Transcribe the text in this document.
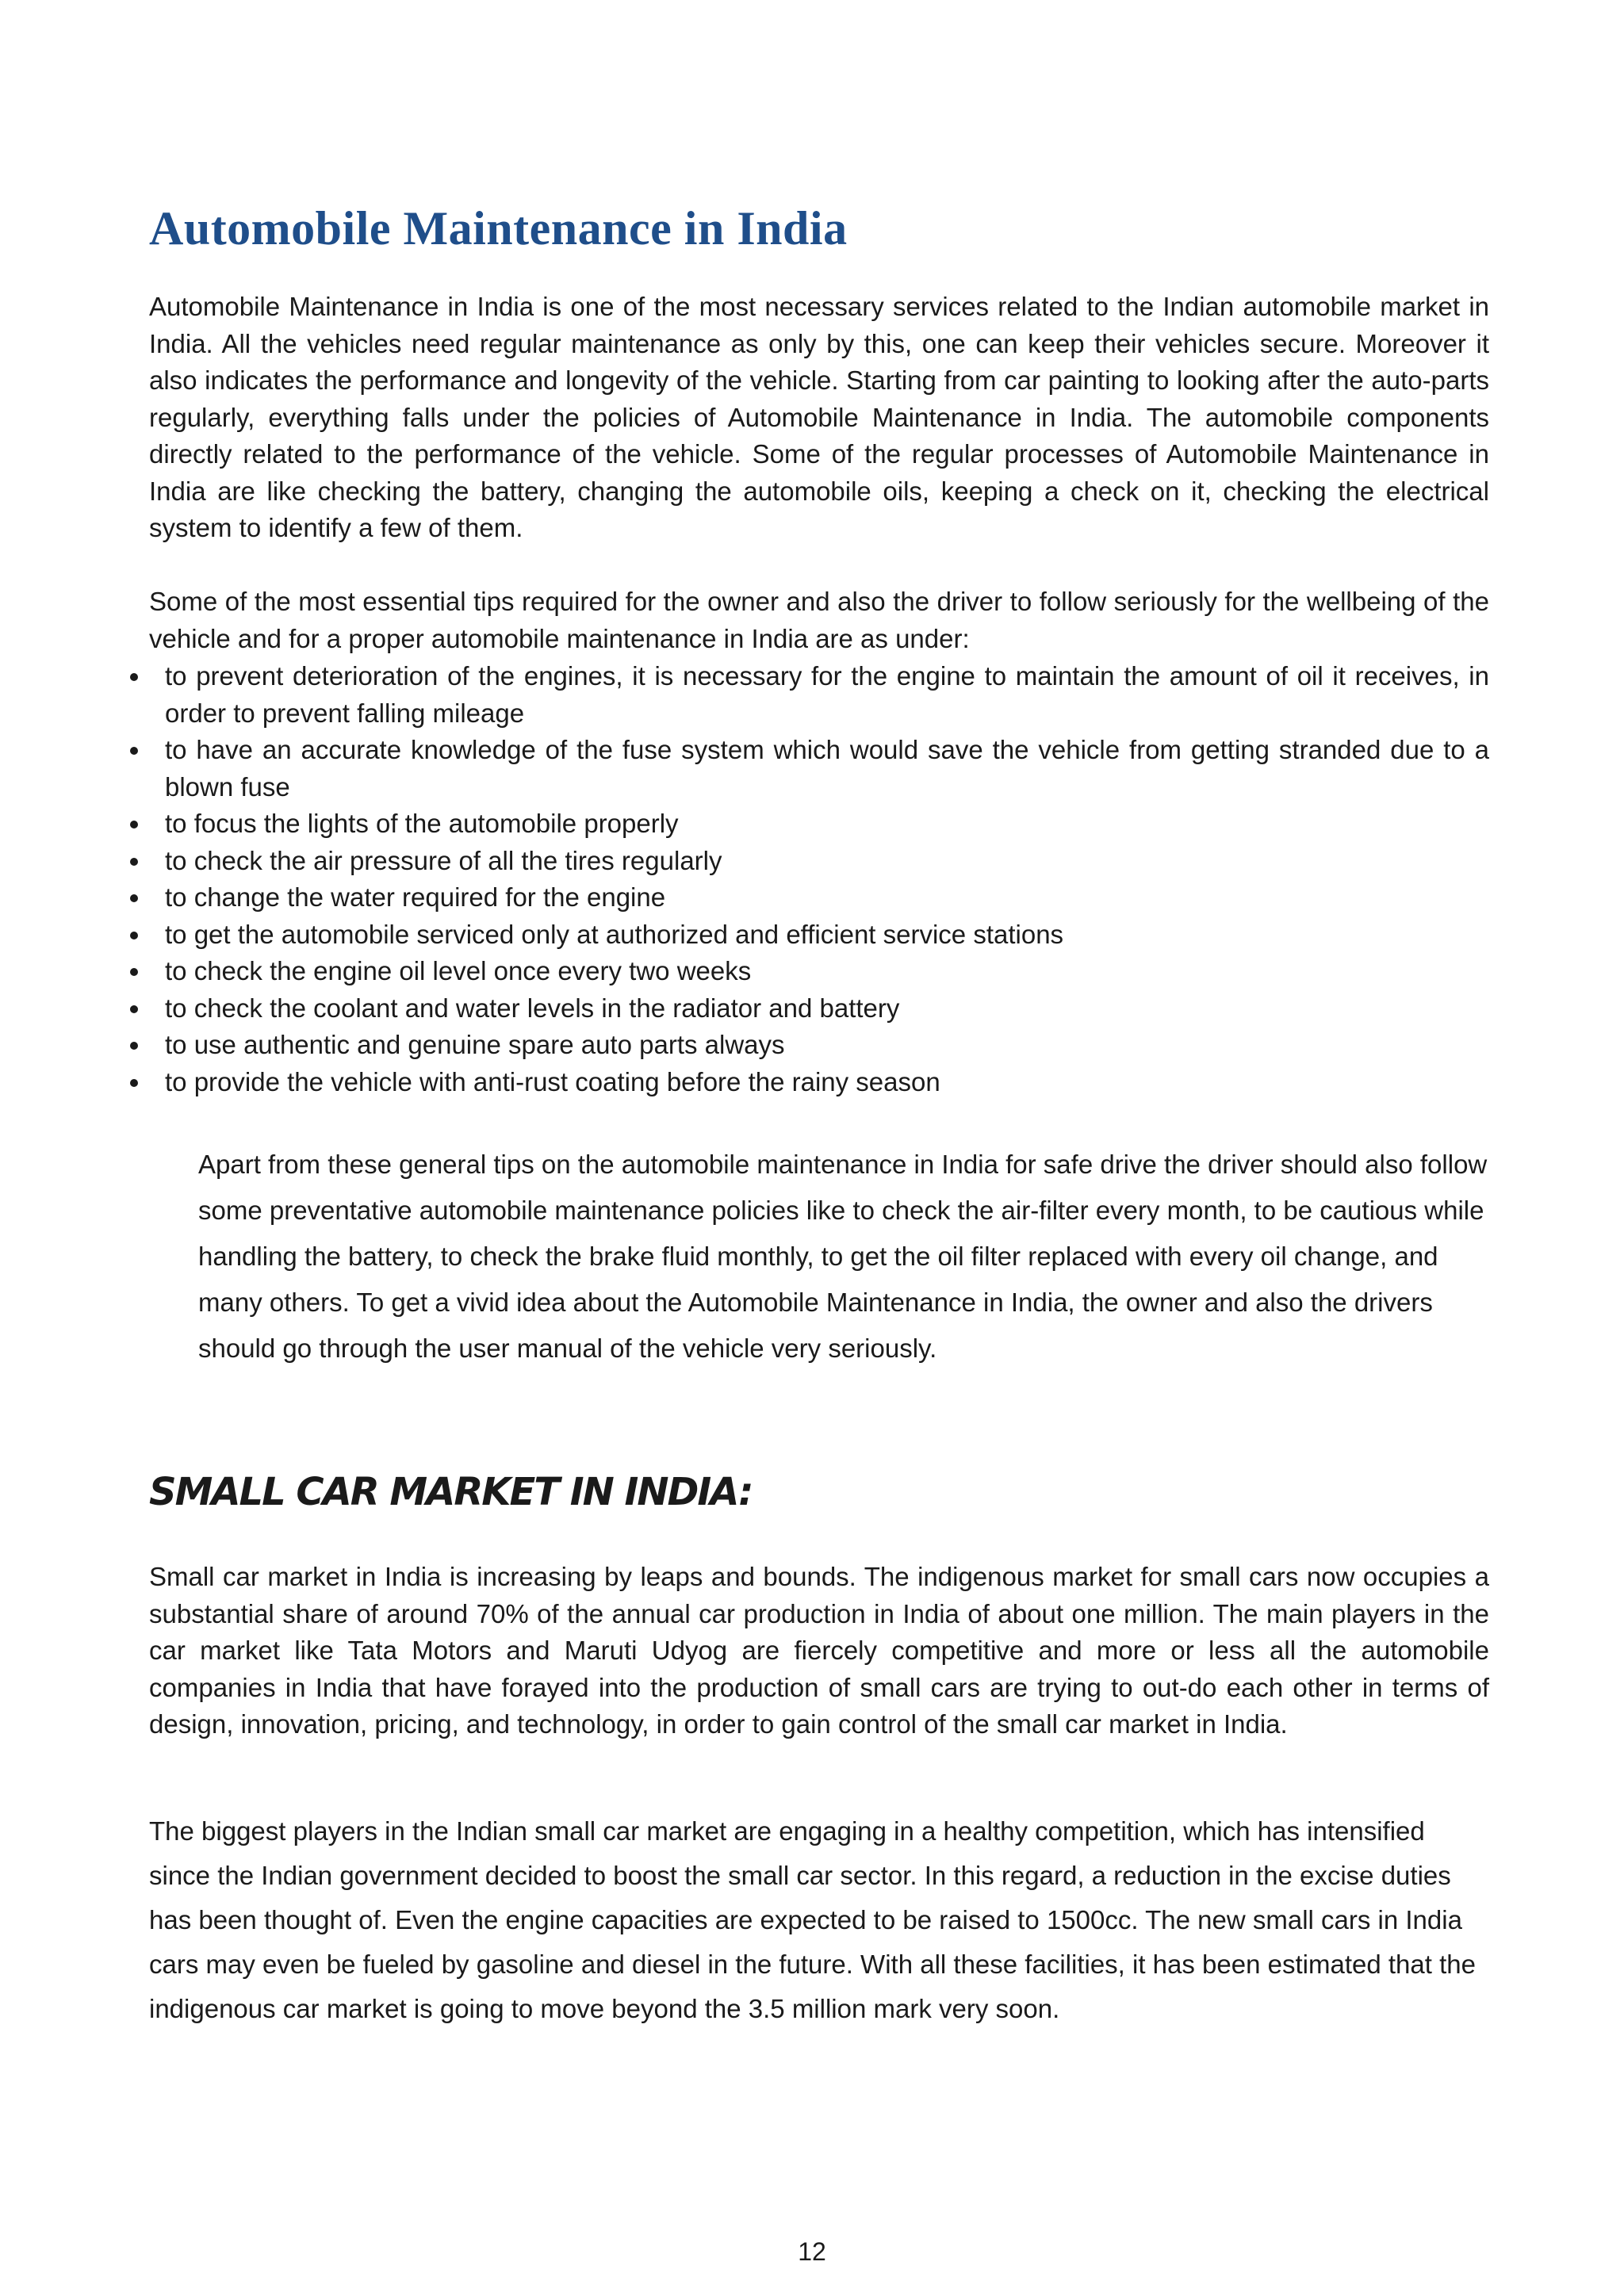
Automobile Maintenance in India

Automobile Maintenance in India is one of the most necessary services related to the Indian automobile market in India. All the vehicles need regular maintenance as only by this, one can keep their vehicles secure. Moreover it also indicates the performance and longevity of the vehicle. Starting from car painting to looking after the auto-parts regularly, everything falls under the policies of Automobile Maintenance in India. The automobile components directly related to the performance of the vehicle. Some of the regular processes of Automobile Maintenance in India are like checking the battery, changing the automobile oils, keeping a check on it, checking the electrical system to identify a few of them.

Some of the most essential tips required for the owner and also the driver to follow seriously for the wellbeing of the vehicle and for a proper automobile maintenance in India are as under:

to prevent deterioration of the engines, it is necessary for the engine to maintain the amount of oil it receives, in order to prevent falling mileage
to have an accurate knowledge of the fuse system which would save the vehicle from getting stranded due to a blown fuse
to focus the lights of the automobile properly
to check the air pressure of all the tires regularly
to change the water required for the engine
to get the automobile serviced only at authorized and efficient service stations
to check the engine oil level once every two weeks
to check the coolant and water levels in the radiator and battery
to use authentic and genuine spare auto parts always
to provide the vehicle with anti-rust coating before the rainy season

Apart from these general tips on the automobile maintenance in India for safe drive the driver should also follow some preventative automobile maintenance policies like to check the air-filter every month, to be cautious while handling the battery, to check the brake fluid monthly, to get the oil filter replaced with every oil change, and many others. To get a vivid idea about the Automobile Maintenance in India, the owner and also the drivers should go through the user manual of the vehicle very seriously.

SMALL CAR MARKET IN INDIA:

Small car market in India is increasing by leaps and bounds. The indigenous market for small cars now occupies a substantial share of around 70% of the annual car production in India of about one million. The main players in the car market like Tata Motors and Maruti Udyog are fiercely competitive and more or less all the automobile companies in India that have forayed into the production of small cars are trying to out-do each other in terms of design, innovation, pricing, and technology, in order to gain control of the small car market in India.

The biggest players in the Indian small car market are engaging in a healthy competition, which has intensified since the Indian government decided to boost the small car sector. In this regard, a reduction in the excise duties has been thought of. Even the engine capacities are expected to be raised to 1500cc. The new small cars in India cars may even be fueled by gasoline and diesel in the future. With all these facilities, it has been estimated that the indigenous car market is going to move beyond the 3.5 million mark very soon.

12
